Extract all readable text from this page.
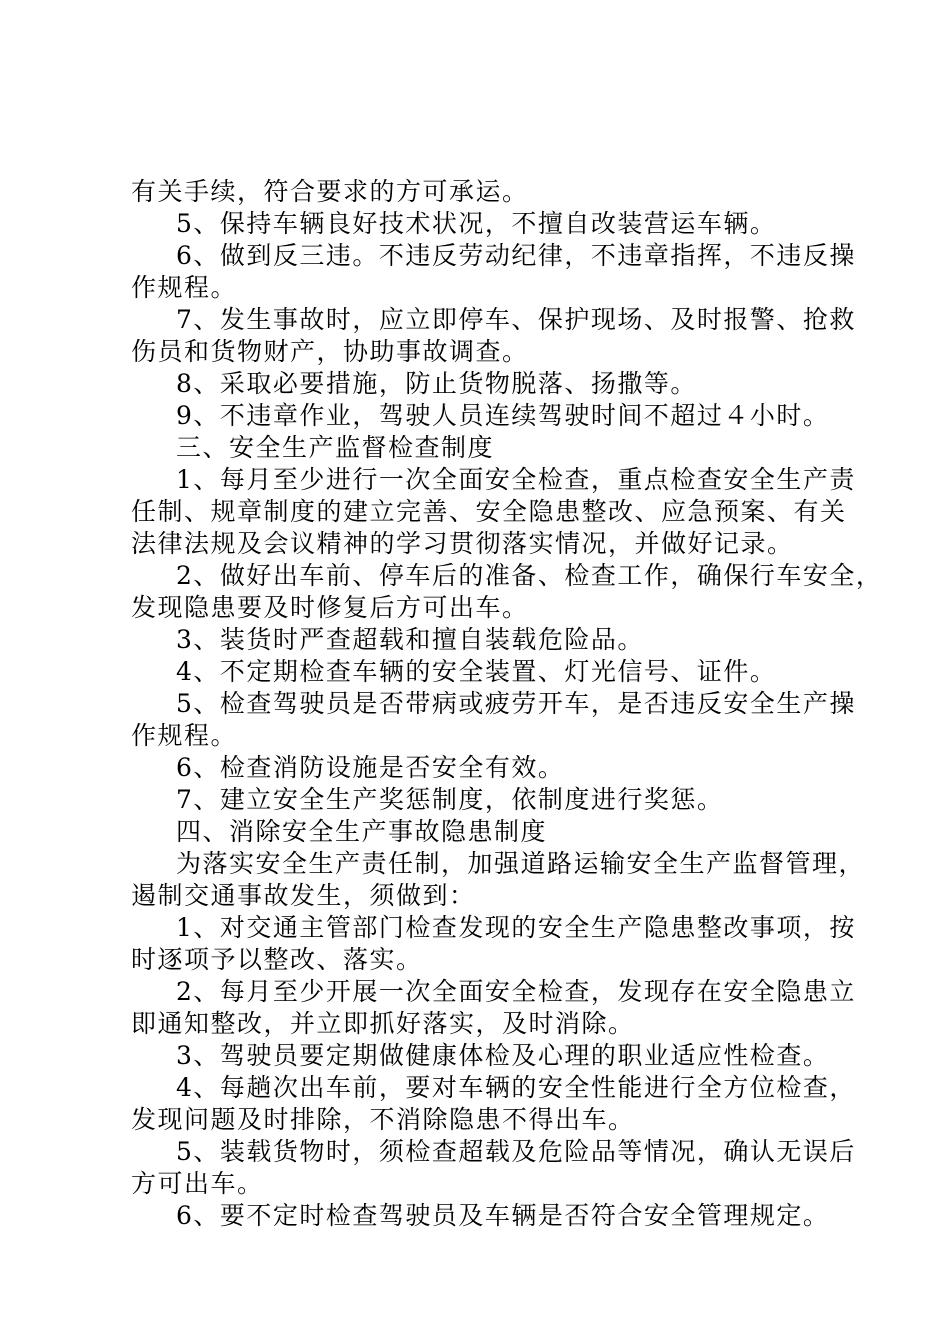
有关手续，符合要求的方可承运。
5、保持车辆良好技术状况，不擅自改装营运车辆。
6、做到反三违。不违反劳动纪律，不违章指挥，不违反操
作规程。
7、发生事故时，应立即停车、保护现场、及时报警、抢救
伤员和货物财产，协助事故调查。
8、采取必要措施，防止货物脱落、扬撒等。
9、不违章作业，驾驶人员连续驾驶时间不超过４小时。
三、安全生产监督检查制度
1、每月至少进行一次全面安全检查，重点检查安全生产责
任制、规章制度的建立完善、安全隐患整改、应急预案、有关
法律法规及会议精神的学习贯彻落实情况，并做好记录。
2、做好出车前、停车后的准备、检查工作，确保行车安全，
发现隐患要及时修复后方可出车。
3、装货时严查超载和擅自装载危险品。
4、不定期检查车辆的安全装置、灯光信号、证件。
5、检查驾驶员是否带病或疲劳开车，是否违反安全生产操
作规程。
6、检查消防设施是否安全有效。
7、建立安全生产奖惩制度，依制度进行奖惩。
四、消除安全生产事故隐患制度
为落实安全生产责任制，加强道路运输安全生产监督管理，
遏制交通事故发生，须做到：
1、对交通主管部门检查发现的安全生产隐患整改事项，按
时逐项予以整改、落实。
2、每月至少开展一次全面安全检查，发现存在安全隐患立
即通知整改，并立即抓好落实，及时消除。
3、驾驶员要定期做健康体检及心理的职业适应性检查。
4、每趟次出车前，要对车辆的安全性能进行全方位检查，
发现问题及时排除，不消除隐患不得出车。
5、装载货物时，须检查超载及危险品等情况，确认无误后
方可出车。
6、要不定时检查驾驶员及车辆是否符合安全管理规定。
